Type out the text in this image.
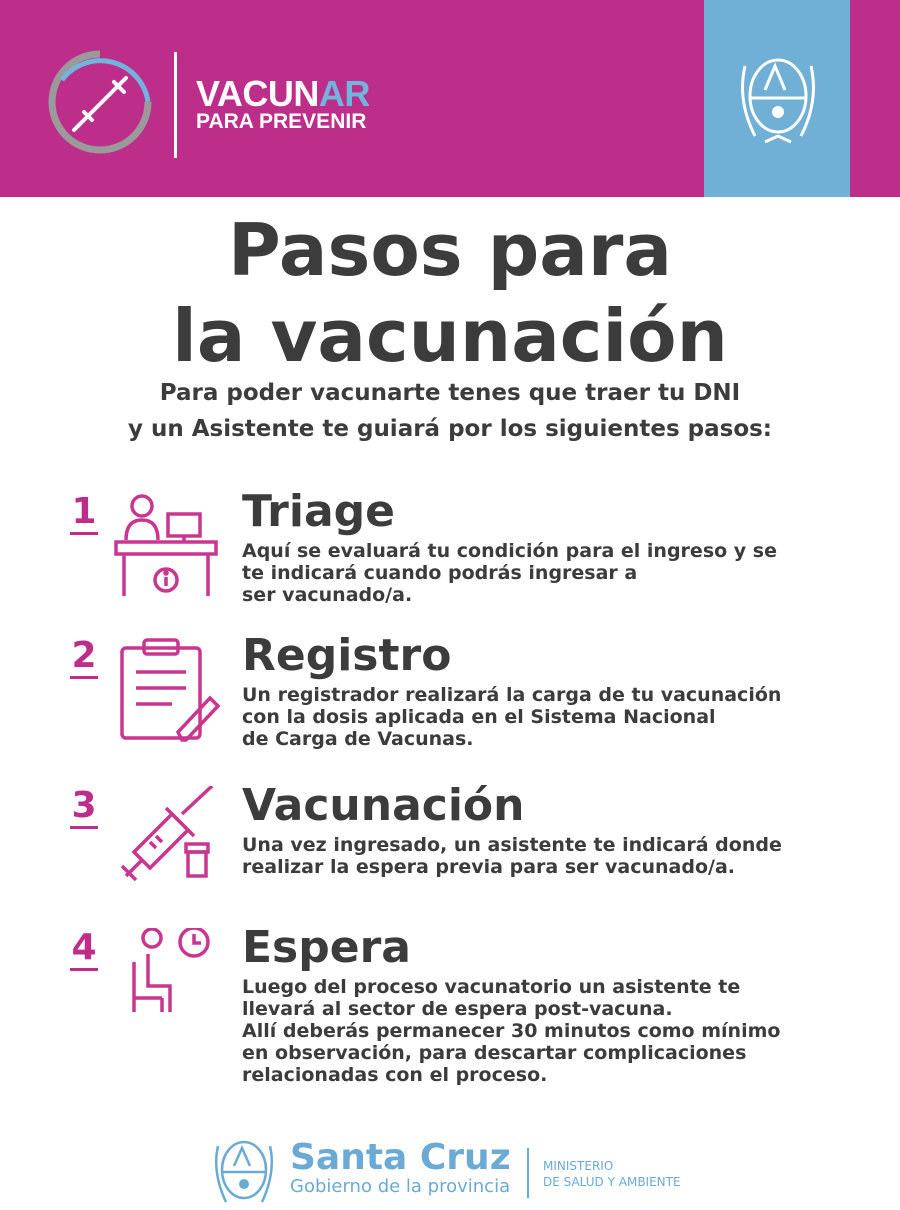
VACUNAR
PARA PREVENIR
Pasos para
la vacunación
Para poder vacunarte tenes que traer tu DNI
y un Asistente te guiará por los siguientes pasos:
1	Triage
Aquí se evaluará tu condición para el ingreso y se
te indicará cuando podrás ingresar a
ser vacunado/a.
2	Registro
Un registrador realizará la carga de tu vacunación
con la dosis aplicada en el Sistema Nacional
de Carga de Vacunas.
3	Vacunación
Una vez ingresado, un asistente te indicará donde
realizar la espera previa para ser vacunado/a.
4	Espera
Luego del proceso vacunatorio un asistente te
llevará al sector de espera post-vacuna.
Allí deberás permanecer 30 minutos como mínimo
en observación, para descartar complicaciones
relacionadas con el proceso.
Santa Cruz
Gobierno de la provincia
MINISTERIO
DE SALUD Y AMBIENTE
